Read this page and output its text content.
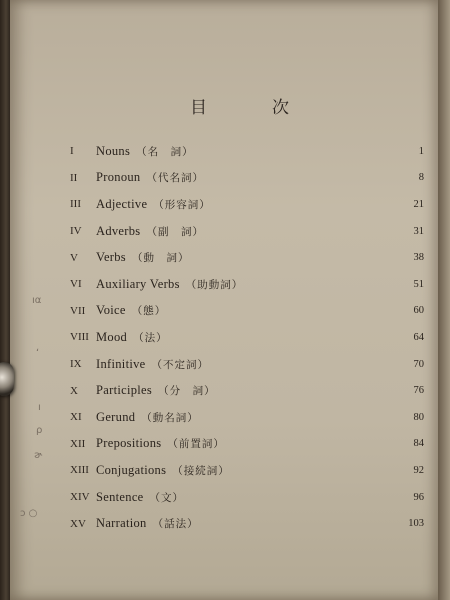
目	次
I	Nouns （名　詞）	1
II	Pronoun （代名詞）	8
III	Adjective （形容詞）	21
IV	Adverbs （副　詞）	31
V	Verbs （動　詞）	38
VI	Auxiliary Verbs （助動詞）	51
VII Voice （態）	60
VIII Mood （法）	64
IX	Infinitive （不定詞）	70
X	Participles （分　詞）	76
XI	Gerund （動名詞）	80
XII Prepositions （前置詞）	84
XIII Conjugations （接続詞）	92
XIV Sentence （文）	96
XV Narration （話法）	103
ıα
ʻ
ı
ρ
ɚ
ɔ ○
